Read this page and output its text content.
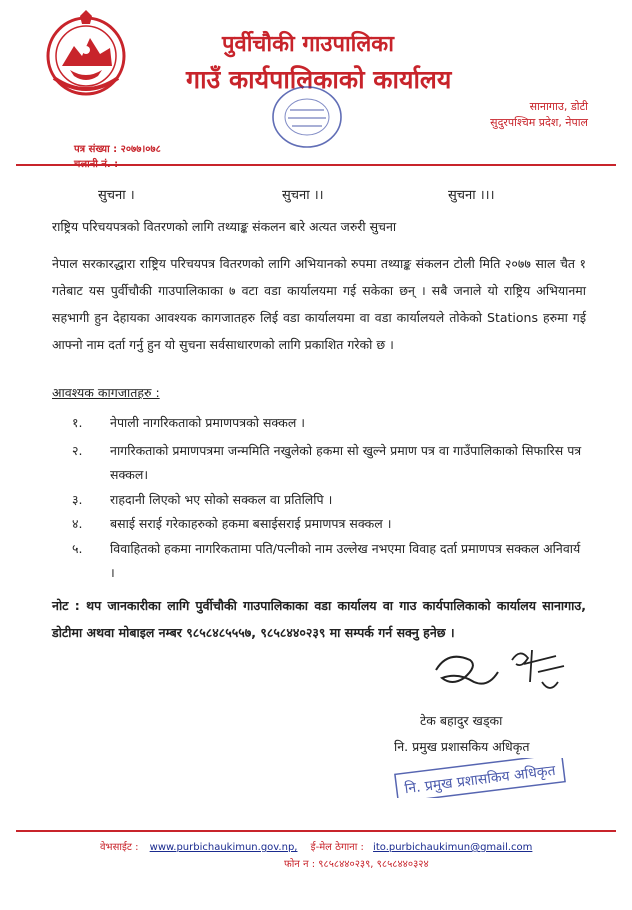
पुर्वीचौकी गाउपालिका
गाउँ कार्यपालिकाको कार्यालय
सानागाउ, डोटी
सुदुरपश्चिम प्रदेश, नेपाल
पत्र संख्या : २०७७।०७८
सुचना ।	सुचना ।।	सुचना ।।।
राष्ट्रिय परिचयपत्रको वितरणको लागि तथ्याङ्क संकलन बारे अत्यत जरुरी सुचना
नेपाल सरकारद्धारा राष्ट्रिय परिचयपत्र वितरणको लागि अभियानको रुपमा तथ्याङ्क संकलन टोली मिति २०७७ साल चैत १ गतेबाट यस पुर्वीचौकी गाउपालिकाका ७ वटा वडा कार्यालयमा गई सकेका छन् । सबै जनाले यो राष्ट्रिय अभियानमा सहभागी हुन देहायका आवश्यक कागजातहरु लिई वडा कार्यालयमा वा वडा कार्यालयले तोकेको Stations हरुमा गई आफ्नो नाम दर्ता गर्नु हुन यो सुचना सर्वसाधारणको लागि प्रकाशित गरेको छ ।
आवश्यक कागजातहरु :
१. नेपाली नागरिकताको प्रमाणपत्रको सक्कल ।
२. नागरिकताको प्रमाणपत्रमा जन्ममिति नखुलेको हकमा सो खुल्ने प्रमाण पत्र वा गाउँपालिकाको सिफारिस पत्र सक्कल।
३. राहदानी लिएको भए सोको सक्कल वा प्रतिलिपि ।
४. बसाई सराई गरेकाहरुको हकमा बसाईसराई प्रमाणपत्र सक्कल ।
५. विवाहितको हकमा नागरिकतामा पति/पत्नीको नाम उल्लेख नभएमा विवाह दर्ता प्रमाणपत्र सक्कल अनिवार्य ।
नोट : थप जानकारीका लागि पुर्वीचौकी गाउपालिकाका वडा कार्यालय वा गाउ कार्यपालिकाको कार्यालय सानागाउ, डोटीमा अथवा मोबाइल नम्बर ९८५८४८५५५७, ९८५८४४०२३९ मा सम्पर्क गर्न सक्नु हनेछ ।
टेक बहादुर खड्का
नि. प्रमुख प्रशासकिय अधिकृत
नि. प्रमुख प्रशासकिय अधिकृत
वेभसाईट : www.purbichaukimun.gov.np, ई-मेल ठेगाना : ito.purbichaukimun@gmail.com
फोन न : ९८५८४४०२३९, ९८५८४४०३२४
